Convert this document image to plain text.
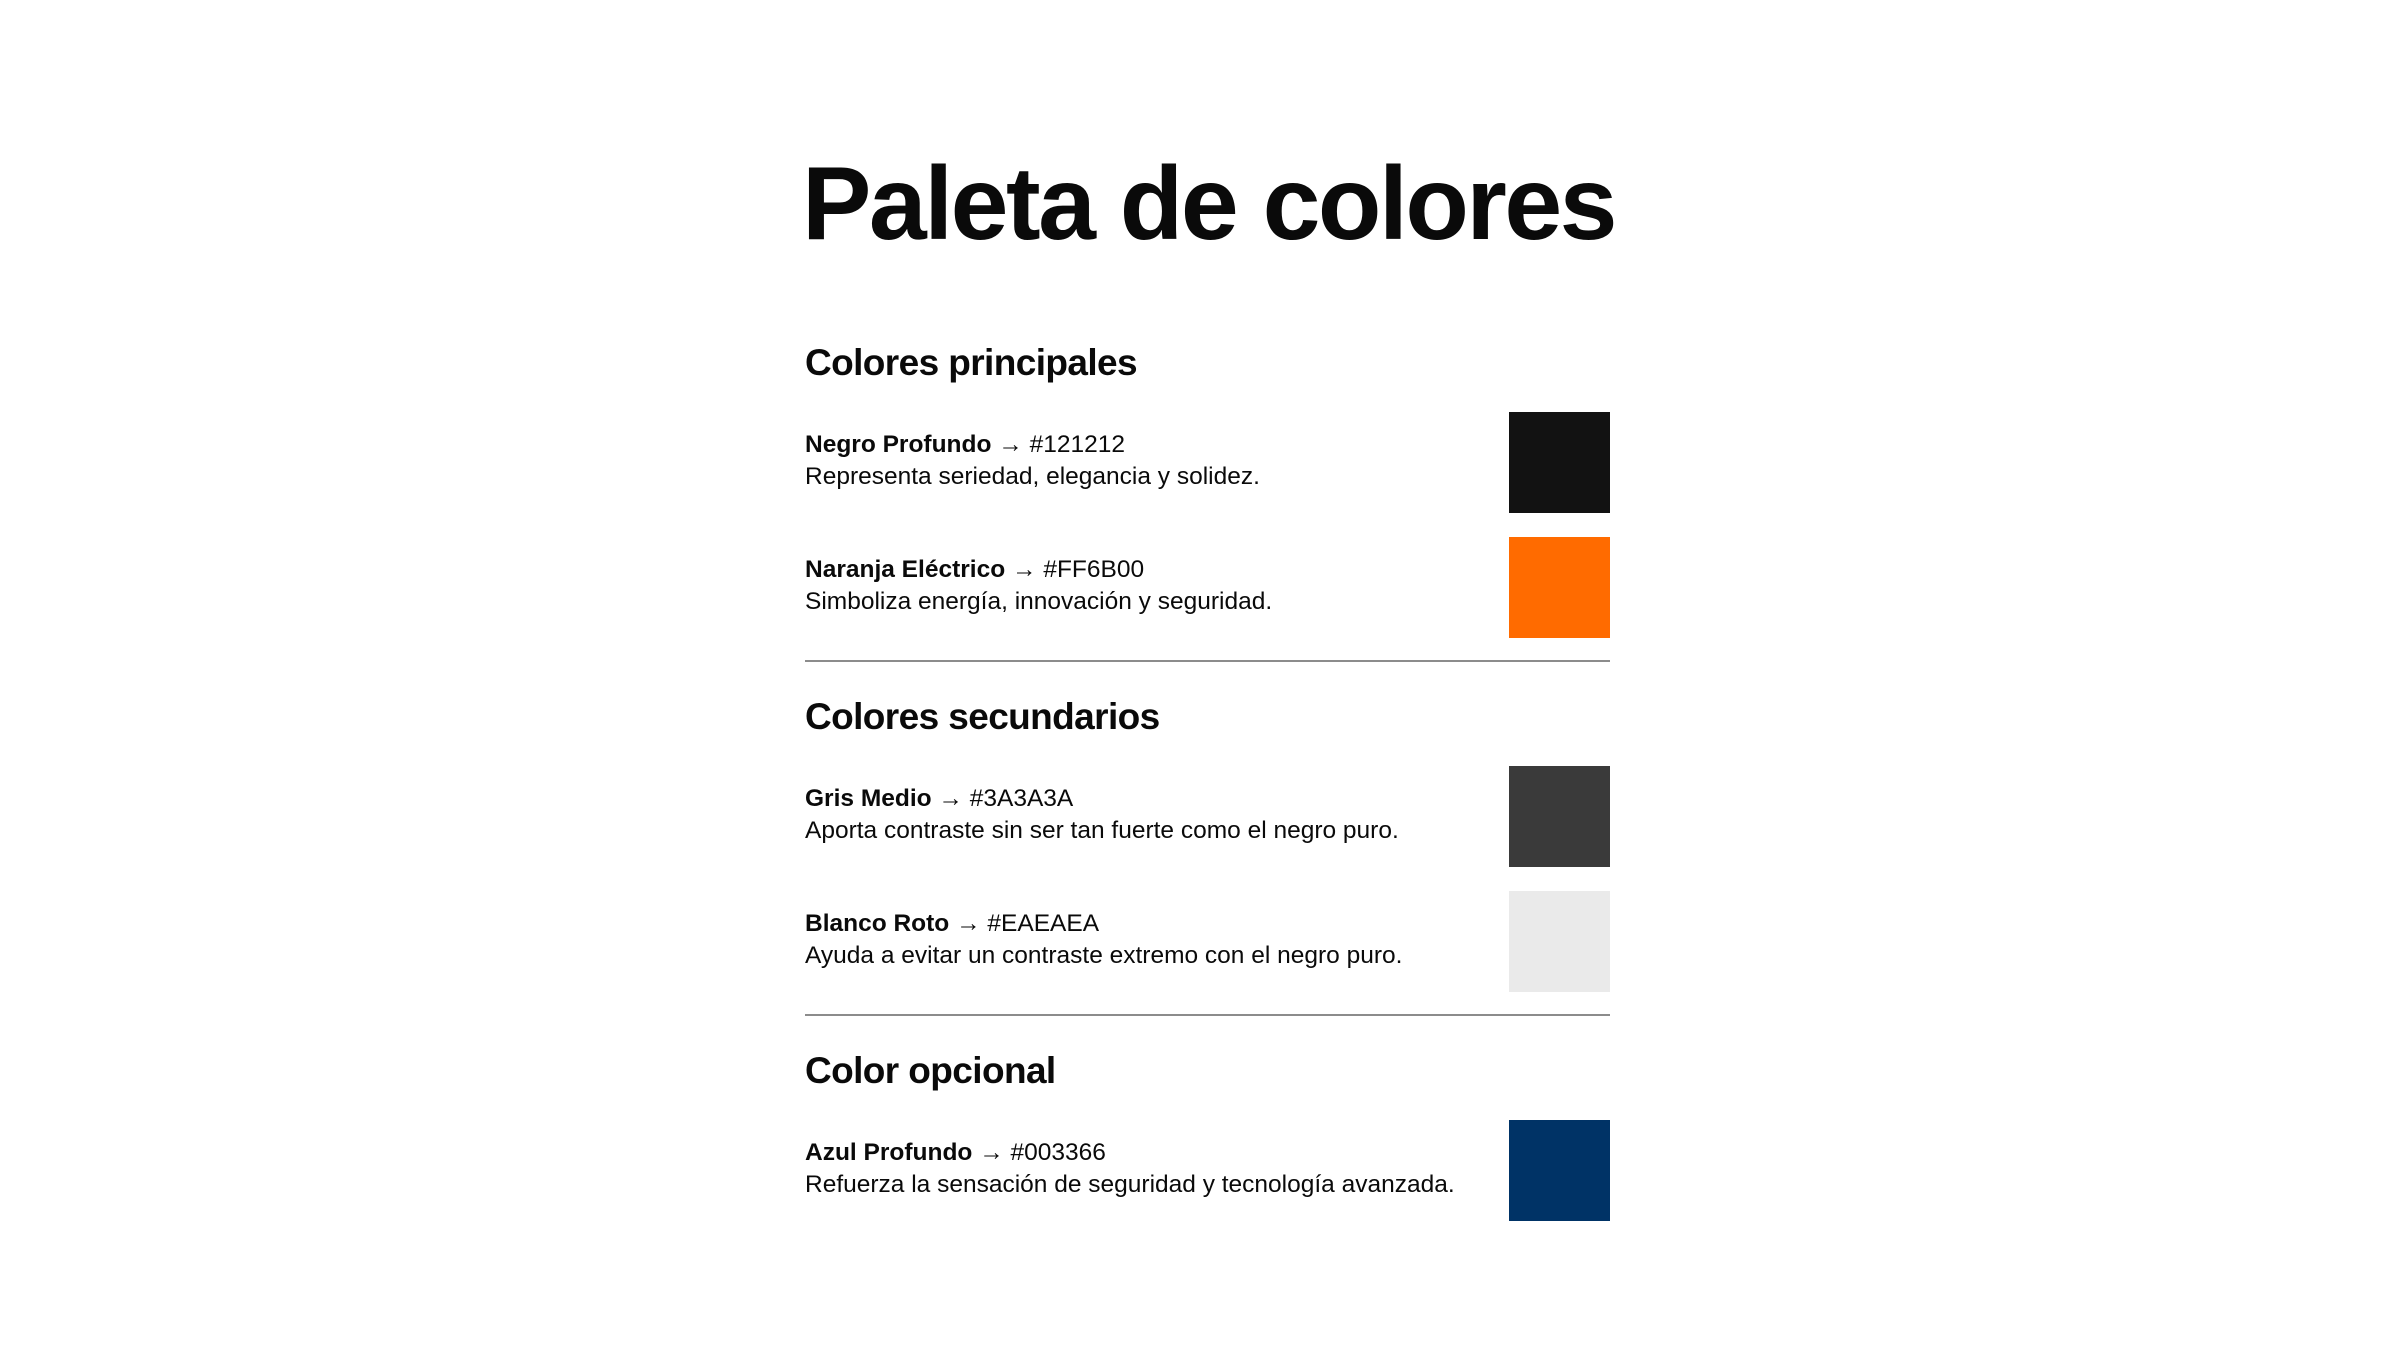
Paleta de colores
Colores principales
Negro Profundo → #121212
Representa seriedad, elegancia y solidez.
Naranja Eléctrico → #FF6B00
Simboliza energía, innovación y seguridad.
Colores secundarios
Gris Medio → #3A3A3A
Aporta contraste sin ser tan fuerte como el negro puro.
Blanco Roto → #EAEAEA
Ayuda a evitar un contraste extremo con el negro puro.
Color opcional
Azul Profundo → #003366
Refuerza la sensación de seguridad y tecnología avanzada.
